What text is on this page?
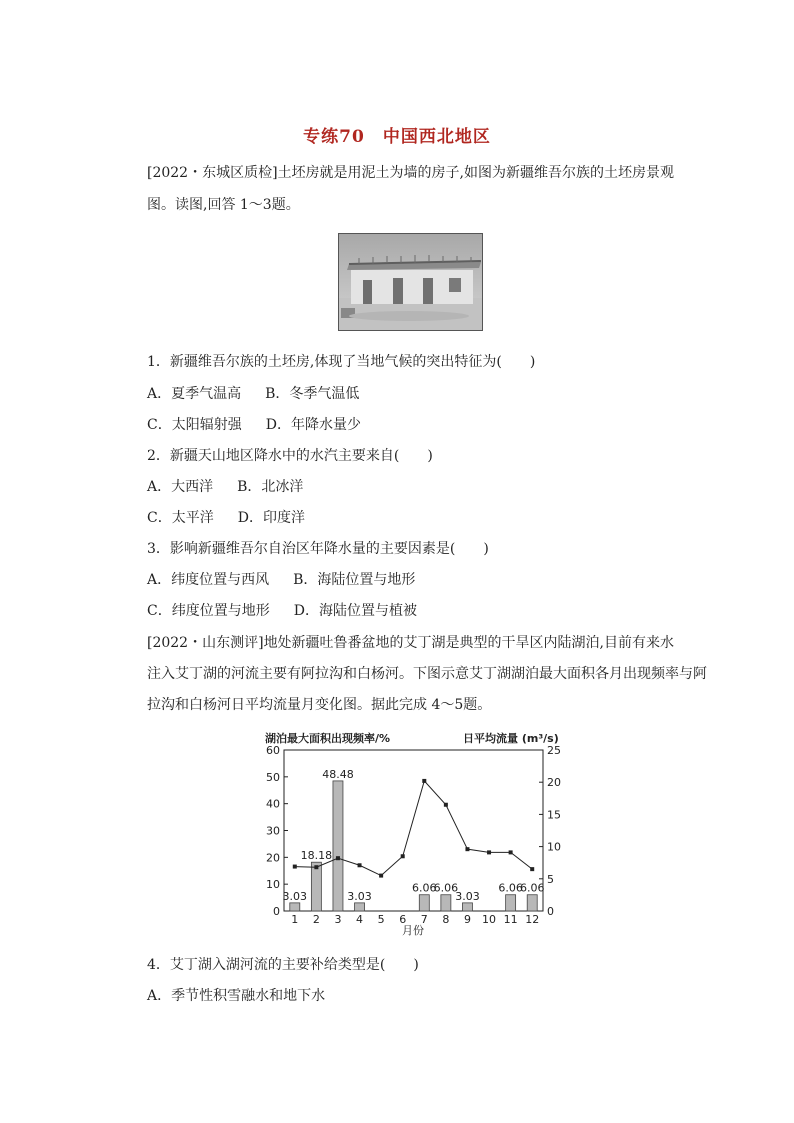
专练70 中国西北地区
[2022・东城区质检]土坯房就是用泥土为墙的房子,如图为新疆维吾尔族的土坯房景观
图。读图,回答 1～3题。
1．新疆维吾尔族的土坯房,体现了当地气候的突出特征为(　　)
A．夏季气温高 B．冬季气温低
C．太阳辐射强 D．年降水量少
2．新疆天山地区降水中的水汽主要来自(　　)
A．大西洋 B．北冰洋
C．太平洋 D．印度洋
3．影响新疆维吾尔自治区年降水量的主要因素是(　　)
A．纬度位置与西风 B．海陆位置与地形
C．纬度位置与地形 D．海陆位置与植被
[2022・山东测评]地处新疆吐鲁番盆地的艾丁湖是典型的干旱区内陆湖泊,目前有来水
注入艾丁湖的河流主要有阿拉沟和白杨河。下图示意艾丁湖湖泊最大面积各月出现频率与阿
拉沟和白杨河日平均流量月变化图。据此完成 4～5题。
湖泊最大面积出现频率/%	日平均流量 (m³/s)
0
10
20
30
40
50
60
0
5
10
15
20
25
1 2 3 4 5 6 7 8 9 10 11 12
3.03
18.18
48.48
3.03
6.06
6.06
3.03
6.06
6.06
月份
4．艾丁湖入湖河流的主要补给类型是(　　)
A．季节性积雪融水和地下水
